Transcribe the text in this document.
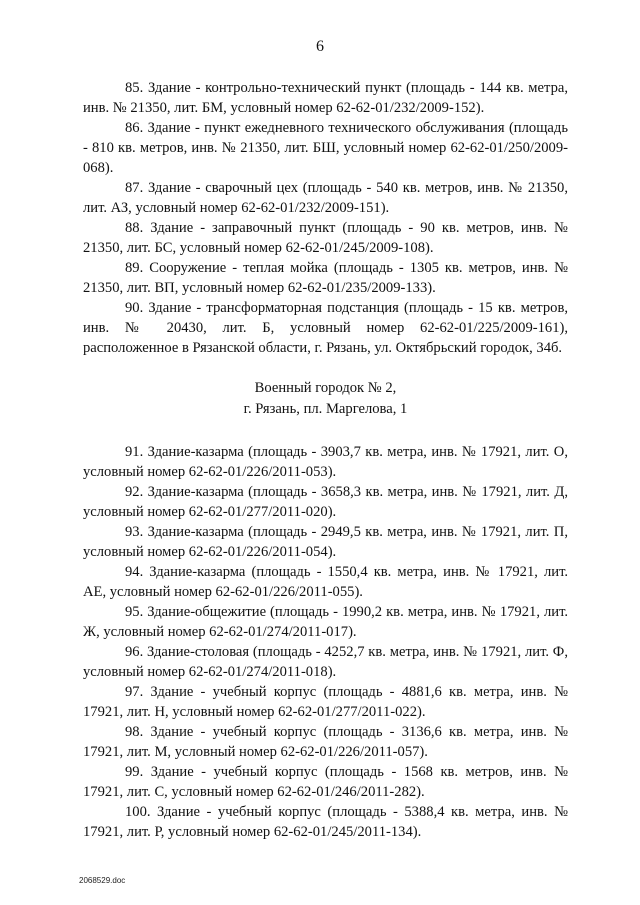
6

85. Здание - контрольно-технический пункт (площадь - 144 кв. метра, инв. № 21350, лит. БМ, условный номер 62-62-01/232/2009-152).

86. Здание - пункт ежедневного технического обслуживания (площадь - 810 кв. метров, инв. № 21350, лит. БШ, условный номер 62-62-01/250/2009-068).

87. Здание - сварочный цех (площадь - 540 кв. метров, инв. № 21350, лит. АЗ, условный номер 62-62-01/232/2009-151).

88. Здание - заправочный пункт (площадь - 90 кв. метров, инв. № 21350, лит. БС, условный номер 62-62-01/245/2009-108).

89. Сооружение - теплая мойка (площадь - 1305 кв. метров, инв. № 21350, лит. ВП, условный номер 62-62-01/235/2009-133).

90. Здание - трансформаторная подстанция (площадь - 15 кв. метров, инв. № 20430, лит. Б, условный номер 62-62-01/225/2009-161), расположенное в Рязанской области, г. Рязань, ул. Октябрьский городок, 34б.

Военный городок № 2,
г. Рязань, пл. Маргелова, 1

91. Здание-казарма (площадь - 3903,7 кв. метра, инв. № 17921, лит. О, условный номер 62-62-01/226/2011-053).

92. Здание-казарма (площадь - 3658,3 кв. метра, инв. № 17921, лит. Д, условный номер 62-62-01/277/2011-020).

93. Здание-казарма (площадь - 2949,5 кв. метра, инв. № 17921, лит. П, условный номер 62-62-01/226/2011-054).

94. Здание-казарма (площадь - 1550,4 кв. метра, инв. № 17921, лит. АЕ, условный номер 62-62-01/226/2011-055).

95. Здание-общежитие (площадь - 1990,2 кв. метра, инв. № 17921, лит. Ж, условный номер 62-62-01/274/2011-017).

96. Здание-столовая (площадь - 4252,7 кв. метра, инв. № 17921, лит. Ф, условный номер 62-62-01/274/2011-018).

97. Здание - учебный корпус (площадь - 4881,6 кв. метра, инв. № 17921, лит. Н, условный номер 62-62-01/277/2011-022).

98. Здание - учебный корпус (площадь - 3136,6 кв. метра, инв. № 17921, лит. М, условный номер 62-62-01/226/2011-057).

99. Здание - учебный корпус (площадь - 1568 кв. метров, инв. № 17921, лит. С, условный номер 62-62-01/246/2011-282).

100. Здание - учебный корпус (площадь - 5388,4 кв. метра, инв. № 17921, лит. Р, условный номер 62-62-01/245/2011-134).

2068529.doc
